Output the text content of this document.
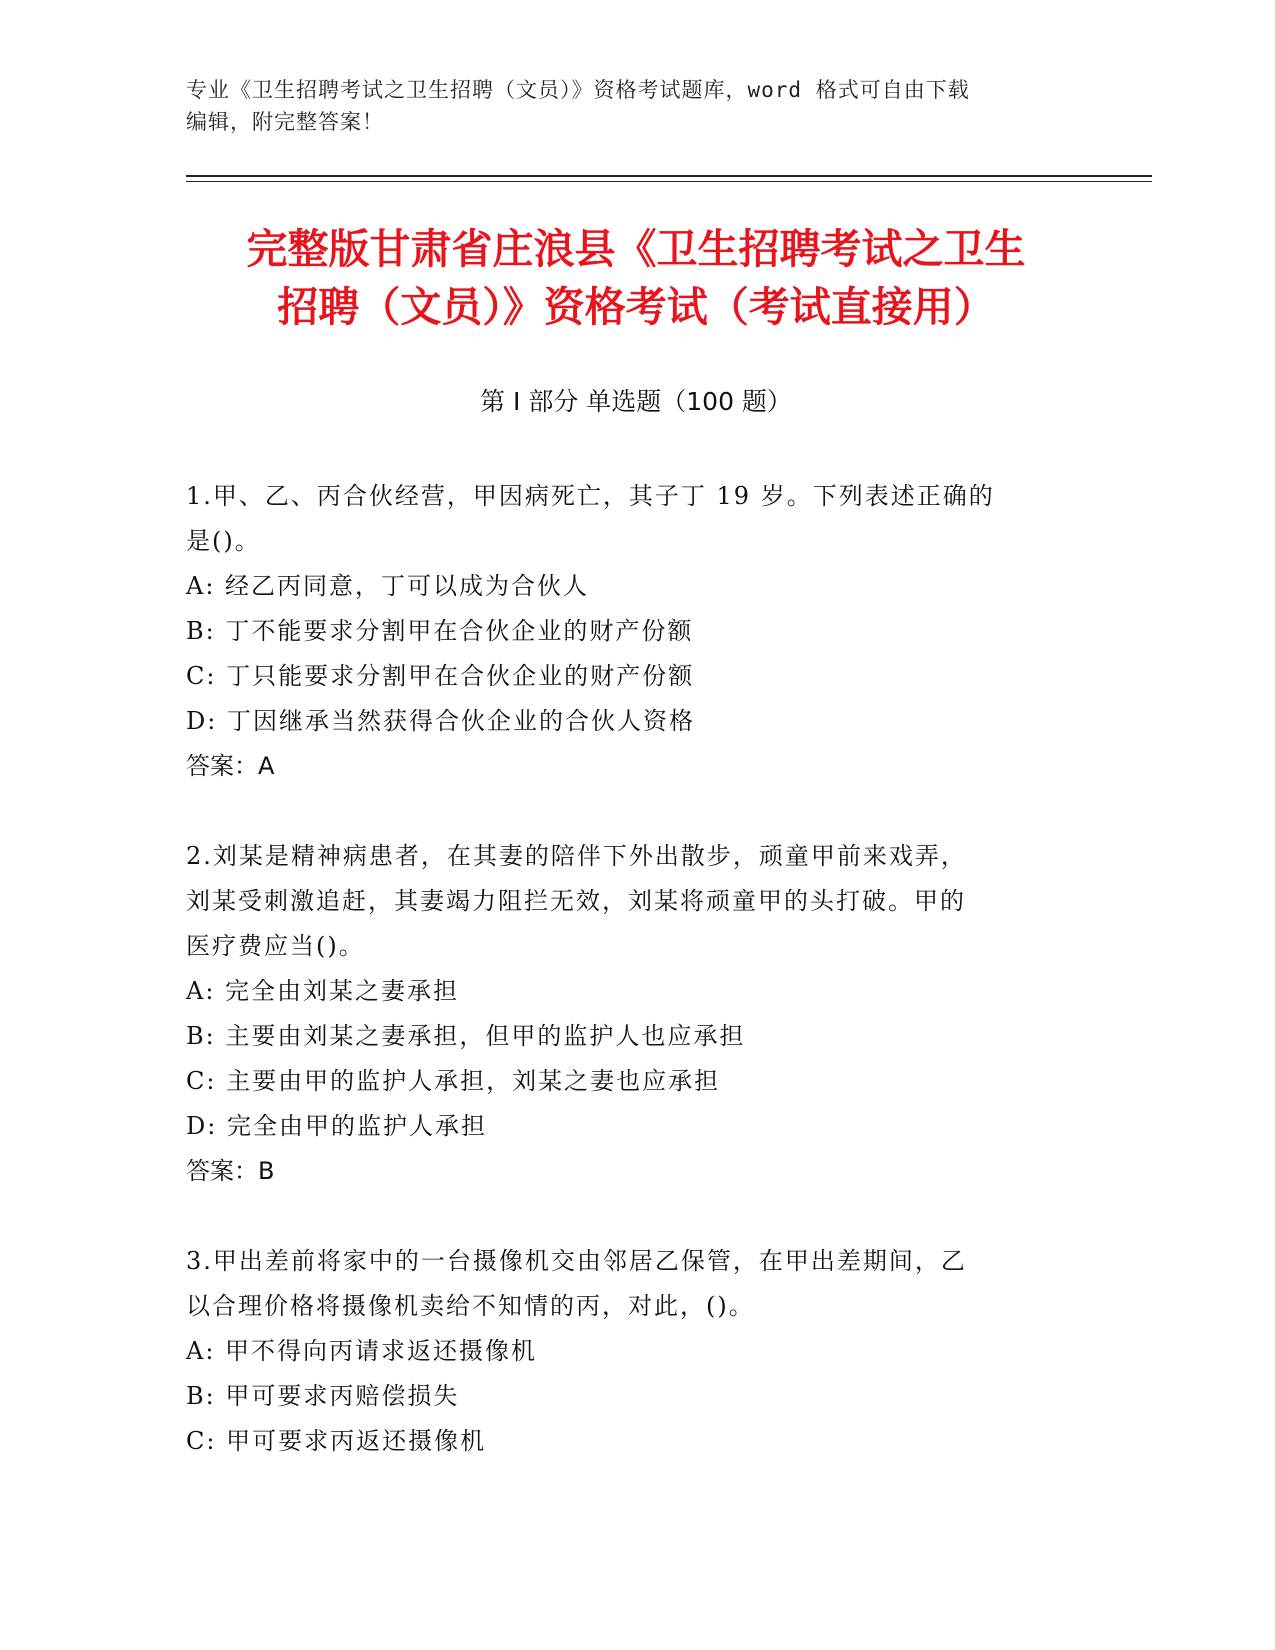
专业《卫生招聘考试之卫生招聘（文员）》资格考试题库，word 格式可自由下载
编辑，附完整答案！
完整版甘肃省庄浪县《卫生招聘考试之卫生
招聘（文员）》资格考试（考试直接用）
第 I 部分 单选题（100 题）

1.甲、乙、丙合伙经营，甲因病死亡，其子丁 19 岁。下列表述正确的

是()。

A: 经乙丙同意，丁可以成为合伙人

B: 丁不能要求分割甲在合伙企业的财产份额

C: 丁只能要求分割甲在合伙企业的财产份额

D: 丁因继承当然获得合伙企业的合伙人资格

答案：A

2.刘某是精神病患者，在其妻的陪伴下外出散步，顽童甲前来戏弄，

刘某受刺激追赶，其妻竭力阻拦无效，刘某将顽童甲的头打破。甲的

医疗费应当()。

A: 完全由刘某之妻承担

B: 主要由刘某之妻承担，但甲的监护人也应承担

C: 主要由甲的监护人承担，刘某之妻也应承担

D: 完全由甲的监护人承担

答案：B

3.甲出差前将家中的一台摄像机交由邻居乙保管，在甲出差期间，乙

以合理价格将摄像机卖给不知情的丙，对此，()。

A: 甲不得向丙请求返还摄像机

B: 甲可要求丙赔偿损失

C: 甲可要求丙返还摄像机
